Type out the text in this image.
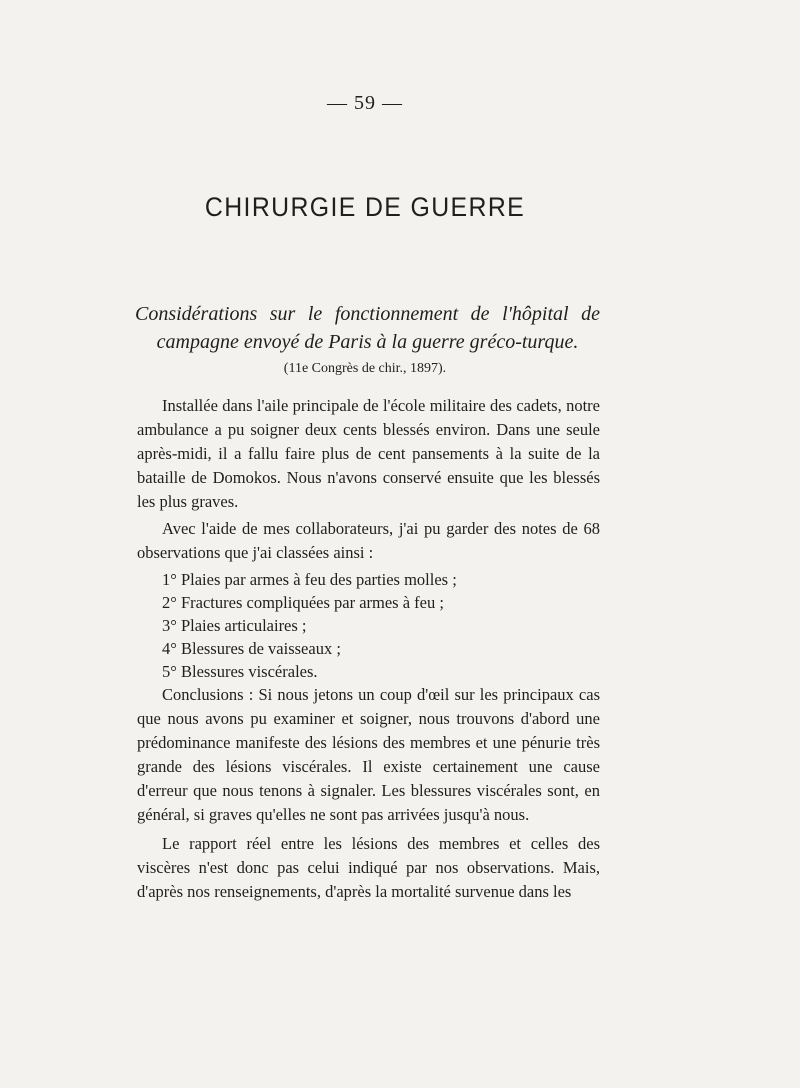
— 59 —
CHIRURGIE DE GUERRE
Considérations sur le fonctionnement de l'hôpital de campagne envoyé de Paris à la guerre gréco-turque.
(11e Congrès de chir., 1897).

Installée dans l'aile principale de l'école militaire des cadets, notre ambulance a pu soigner deux cents blessés environ. Dans une seule après-midi, il a fallu faire plus de cent pansements à la suite de la bataille de Domokos. Nous n'avons conservé ensuite que les blessés les plus graves.

Avec l'aide de mes collaborateurs, j'ai pu garder des notes de 68 observations que j'ai classées ainsi :

1° Plaies par armes à feu des parties molles ;
2° Fractures compliquées par armes à feu ;
3° Plaies articulaires ;
4° Blessures de vaisseaux ;
5° Blessures viscérales.

Conclusions : Si nous jetons un coup d'œil sur les principaux cas que nous avons pu examiner et soigner, nous trouvons d'abord une prédominance manifeste des lésions des membres et une pénurie très grande des lésions viscérales. Il existe certainement une cause d'erreur que nous tenons à signaler. Les blessures viscérales sont, en général, si graves qu'elles ne sont pas arrivées jusqu'à nous.

Le rapport réel entre les lésions des membres et celles des viscères n'est donc pas celui indiqué par nos observations. Mais, d'après nos renseignements, d'après la mortalité survenue dans les
